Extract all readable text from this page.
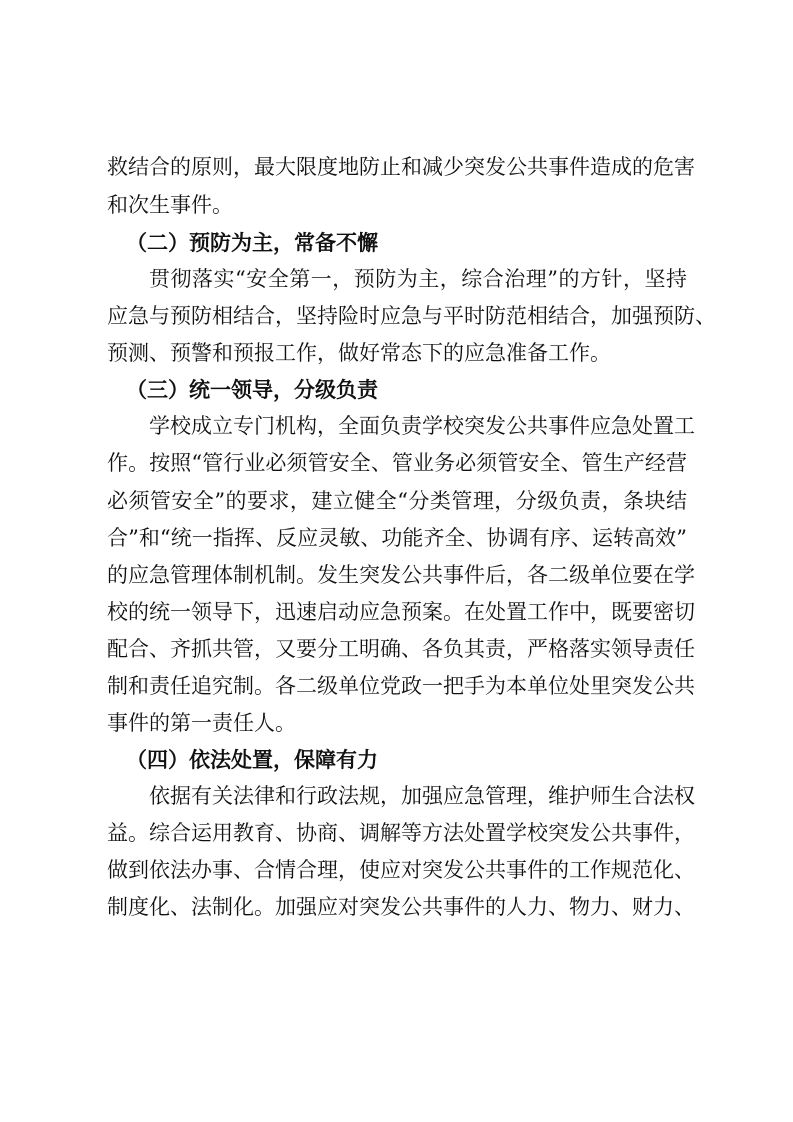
救结合的原则，最大限度地防止和减少突发公共事件造成的危害
和次生事件。
（二）预防为主，常备不懈
贯彻落实“安全第一，预防为主，综合治理”的方针，坚持
应急与预防相结合，坚持险时应急与平时防范相结合，加强预防、
预测、预警和预报工作，做好常态下的应急准备工作。
（三）统一领导，分级负责
学校成立专门机构，全面负责学校突发公共事件应急处置工
作。按照“管行业必须管安全、管业务必须管安全、管生产经营
必须管安全”的要求，建立健全“分类管理，分级负责，条块结
合”和“统一指挥、反应灵敏、功能齐全、协调有序、运转高效”
的应急管理体制机制。发生突发公共事件后，各二级单位要在学
校的统一领导下，迅速启动应急预案。在处置工作中，既要密切
配合、齐抓共管，又要分工明确、各负其责，严格落实领导责任
制和责任追究制。各二级单位党政一把手为本单位处里突发公共
事件的第一责任人。
（四）依法处置，保障有力
依据有关法律和行政法规，加强应急管理，维护师生合法权
益。综合运用教育、协商、调解等方法处置学校突发公共事件，
做到依法办事、合情合理，使应对突发公共事件的工作规范化、
制度化、法制化。加强应对突发公共事件的人力、物力、财力、
